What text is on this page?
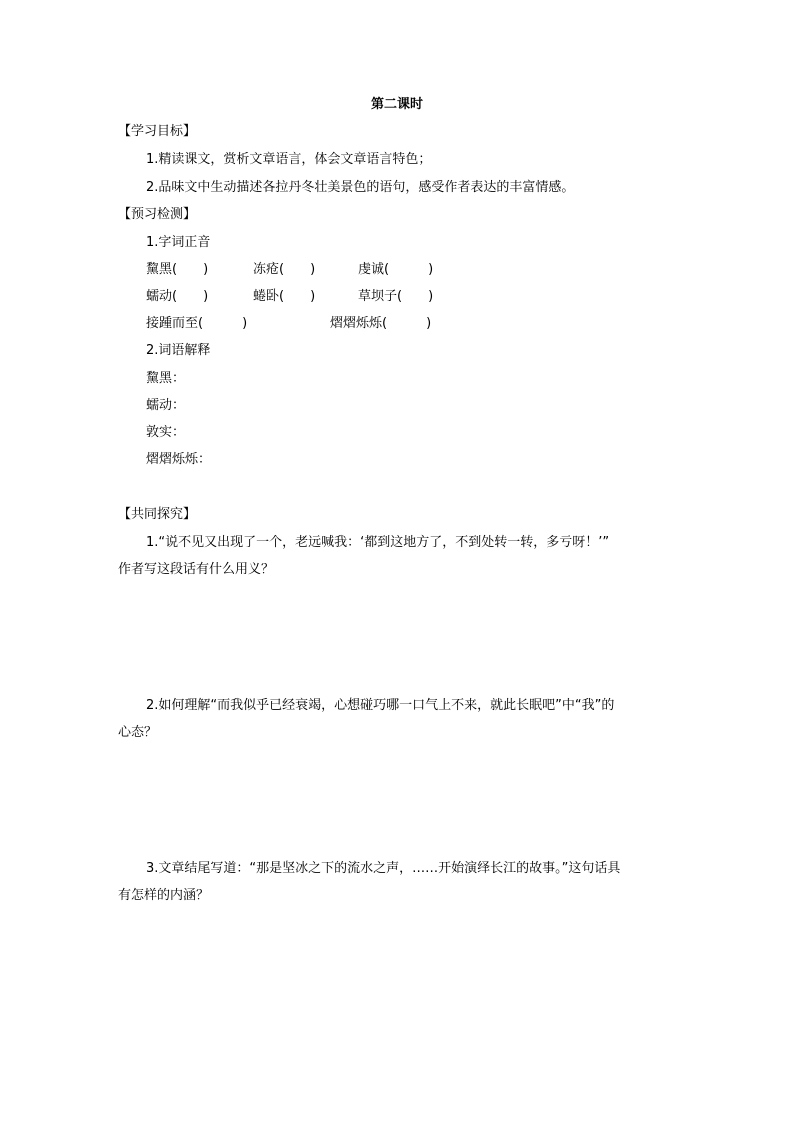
第二课时
【学习目标】
1.精读课文，赏析文章语言，体会文章语言特色；
2.品味文中生动描述各拉丹冬壮美景色的语句，感受作者表达的丰富情感。
【预习检测】
1.字词正音
黧黑(　　)	冻疮(　　)	虔诚(　　　)
蠕动(　　)	蜷卧(　　)	草坝子(　　)
接踵而至(　　　)	熠熠烁烁(　　　)
2.词语解释
黧黑：
蠕动：
敦实：
熠熠烁烁：
【共同探究】
1.“说不见又出现了一个，老远喊我：‘都到这地方了，不到处转一转，多亏呀！’”
作者写这段话有什么用义？
2.如何理解“而我似乎已经衰竭，心想碰巧哪一口气上不来，就此长眠吧”中“我”的
心态？
3.文章结尾写道：“那是坚冰之下的流水之声，……开始演绎长江的故事。”这句话具
有怎样的内涵？
